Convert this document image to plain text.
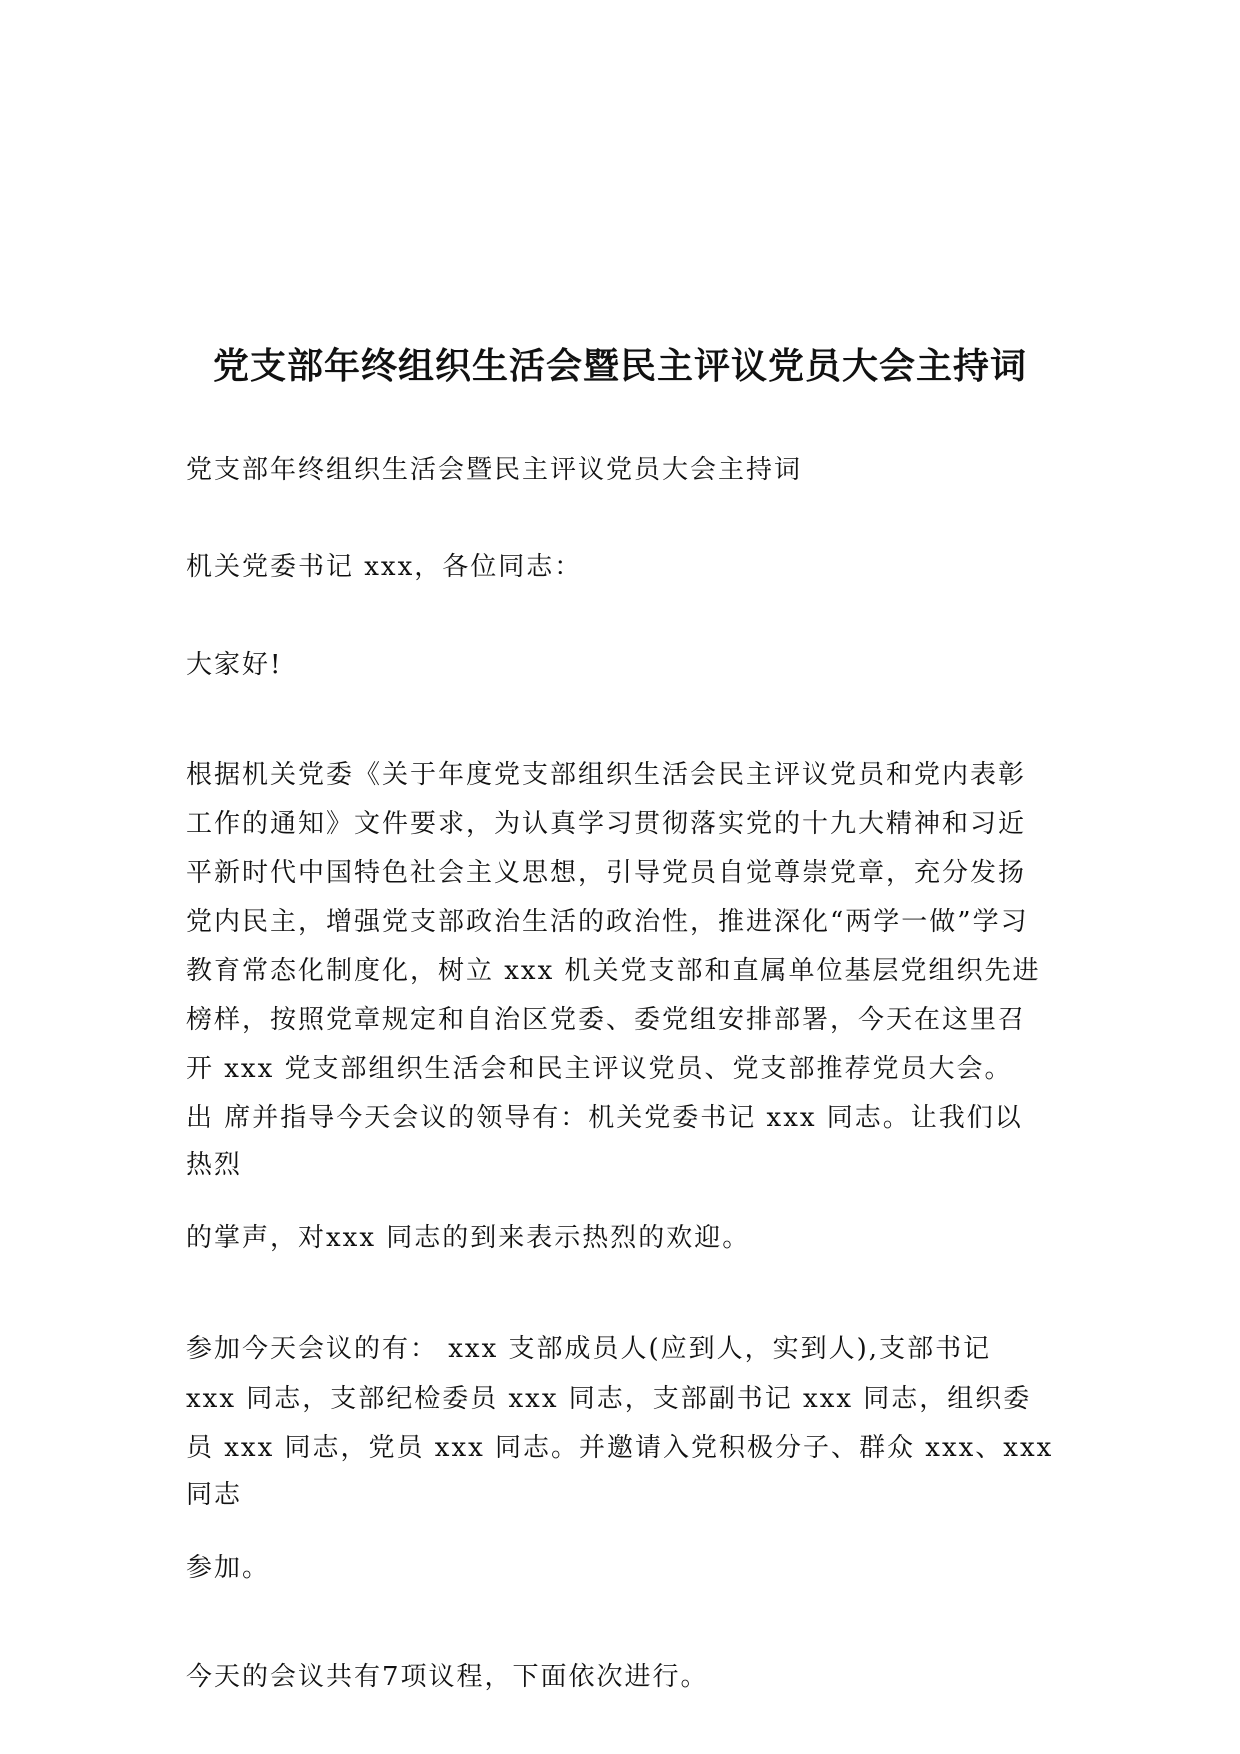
党支部年终组织生活会暨民主评议党员大会主持词
党支部年终组织生活会暨民主评议党员大会主持词
机关党委书记 xxx，各位同志：
大家好!
根据机关党委《关于年度党支部组织生活会民主评议党员和党内表彰
工作的通知》文件要求，为认真学习贯彻落实党的十九大精神和习近
平新时代中国特色社会主义思想，引导党员自觉尊崇党章，充分发扬
党内民主，增强党支部政治生活的政治性，推进深化“两学一做”学习
教育常态化制度化，树立 xxx 机关党支部和直属单位基层党组织先进
榜样，按照党章规定和自治区党委、委党组安排部署，今天在这里召
开 xxx 党支部组织生活会和民主评议党员、党支部推荐党员大会。
出 席并指导今天会议的领导有：机关党委书记 xxx 同志。让我们以
热烈
的掌声，对xxx 同志的到来表示热烈的欢迎。
参加今天会议的有： xxx 支部成员人(应到人，实到人),支部书记
xxx 同志，支部纪检委员 xxx 同志，支部副书记 xxx 同志，组织委
员 xxx 同志，党员 xxx 同志。并邀请入党积极分子、群众 xxx、xxx
同志
参加。
今天的会议共有7项议程，下面依次进行。
